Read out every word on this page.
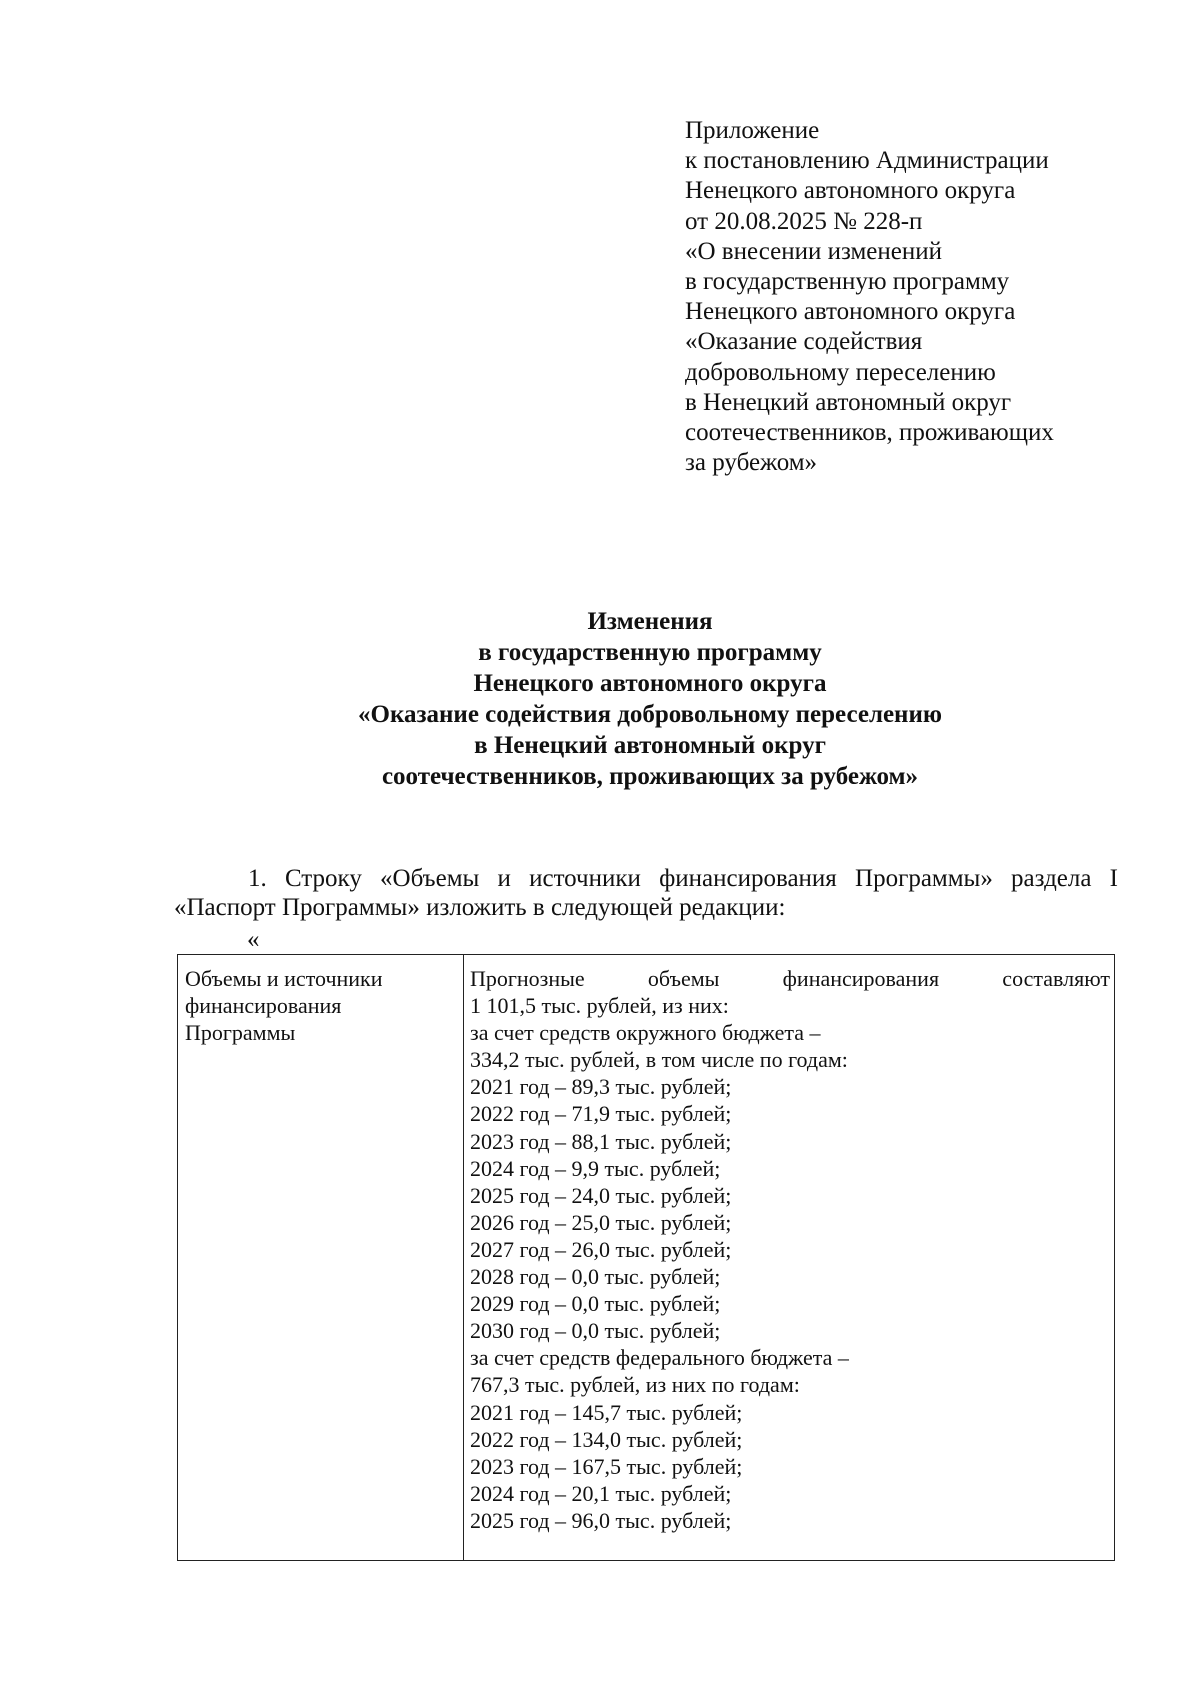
Приложение
к постановлению Администрации
Ненецкого автономного округа
от 20.08.2025 № 228-п
«О внесении изменений
в государственную программу
Ненецкого автономного округа
«Оказание содействия
добровольному переселению
в Ненецкий автономный округ
соотечественников, проживающих
за рубежом»
Изменения
в государственную программу
Ненецкого автономного округа
«Оказание содействия добровольному переселению
в Ненецкий автономный округ
соотечественников, проживающих за рубежом»
1. Строку «Объемы и источники финансирования Программы» раздела I
«Паспорт Программы» изложить в следующей редакции:
«
Объемы и источники
финансирования
Программы
Прогнозные объемы финансирования составляют
1 101,5 тыс. рублей, из них:
за счет средств окружного бюджета –
334,2 тыс. рублей, в том числе по годам:
2021 год – 89,3 тыс. рублей;
2022 год – 71,9 тыс. рублей;
2023 год – 88,1 тыс. рублей;
2024 год – 9,9 тыс. рублей;
2025 год – 24,0 тыс. рублей;
2026 год – 25,0 тыс. рублей;
2027 год – 26,0 тыс. рублей;
2028 год – 0,0 тыс. рублей;
2029 год – 0,0 тыс. рублей;
2030 год – 0,0 тыс. рублей;
за счет средств федерального бюджета –
767,3 тыс. рублей, из них по годам:
2021 год – 145,7 тыс. рублей;
2022 год – 134,0 тыс. рублей;
2023 год – 167,5 тыс. рублей;
2024 год – 20,1 тыс. рублей;
2025 год – 96,0 тыс. рублей;
